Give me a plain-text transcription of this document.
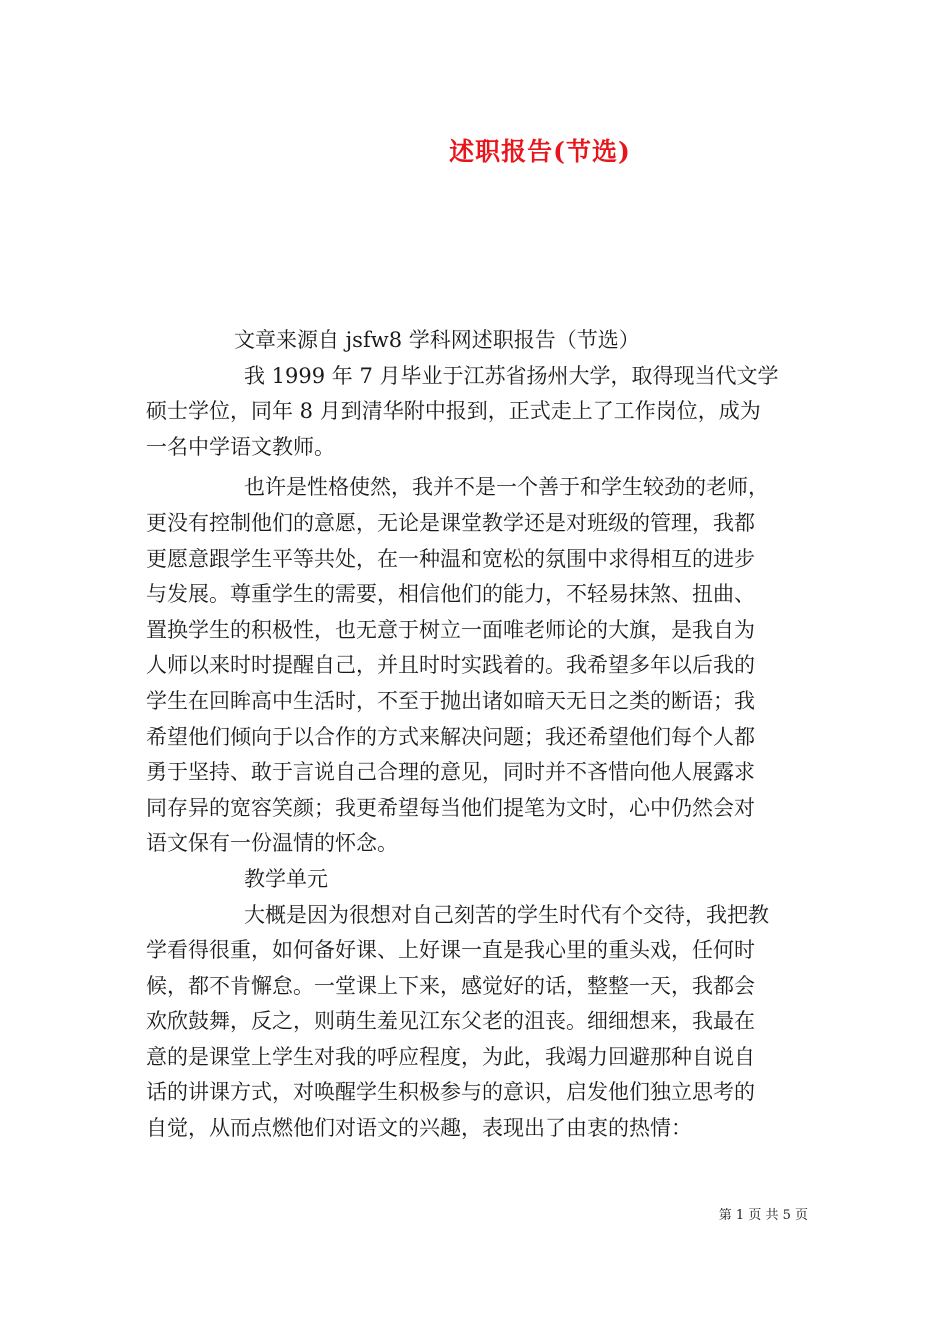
述职报告(节选)
文章来源自 jsfw8 学科网述职报告（节选）
我 1999 年 7 月毕业于江苏省扬州大学，取得现当代文学
硕士学位，同年 8 月到清华附中报到，正式走上了工作岗位，成为
一名中学语文教师。
也许是性格使然，我并不是一个善于和学生较劲的老师，
更没有控制他们的意愿，无论是课堂教学还是对班级的管理，我都
更愿意跟学生平等共处，在一种温和宽松的氛围中求得相互的进步
与发展。尊重学生的需要，相信他们的能力，不轻易抹煞、扭曲、
置换学生的积极性，也无意于树立一面唯老师论的大旗，是我自为
人师以来时时提醒自己，并且时时实践着的。我希望多年以后我的
学生在回眸高中生活时，不至于抛出诸如暗天无日之类的断语；我
希望他们倾向于以合作的方式来解决问题；我还希望他们每个人都
勇于坚持、敢于言说自己合理的意见，同时并不吝惜向他人展露求
同存异的宽容笑颜；我更希望每当他们提笔为文时，心中仍然会对
语文保有一份温情的怀念。
教学单元
大概是因为很想对自己刻苦的学生时代有个交待，我把教
学看得很重，如何备好课、上好课一直是我心里的重头戏，任何时
候，都不肯懈怠。一堂课上下来，感觉好的话，整整一天，我都会
欢欣鼓舞，反之，则萌生羞见江东父老的沮丧。细细想来，我最在
意的是课堂上学生对我的呼应程度，为此，我竭力回避那种自说自
话的讲课方式，对唤醒学生积极参与的意识，启发他们独立思考的
自觉，从而点燃他们对语文的兴趣，表现出了由衷的热情：
第 1 页 共 5 页
